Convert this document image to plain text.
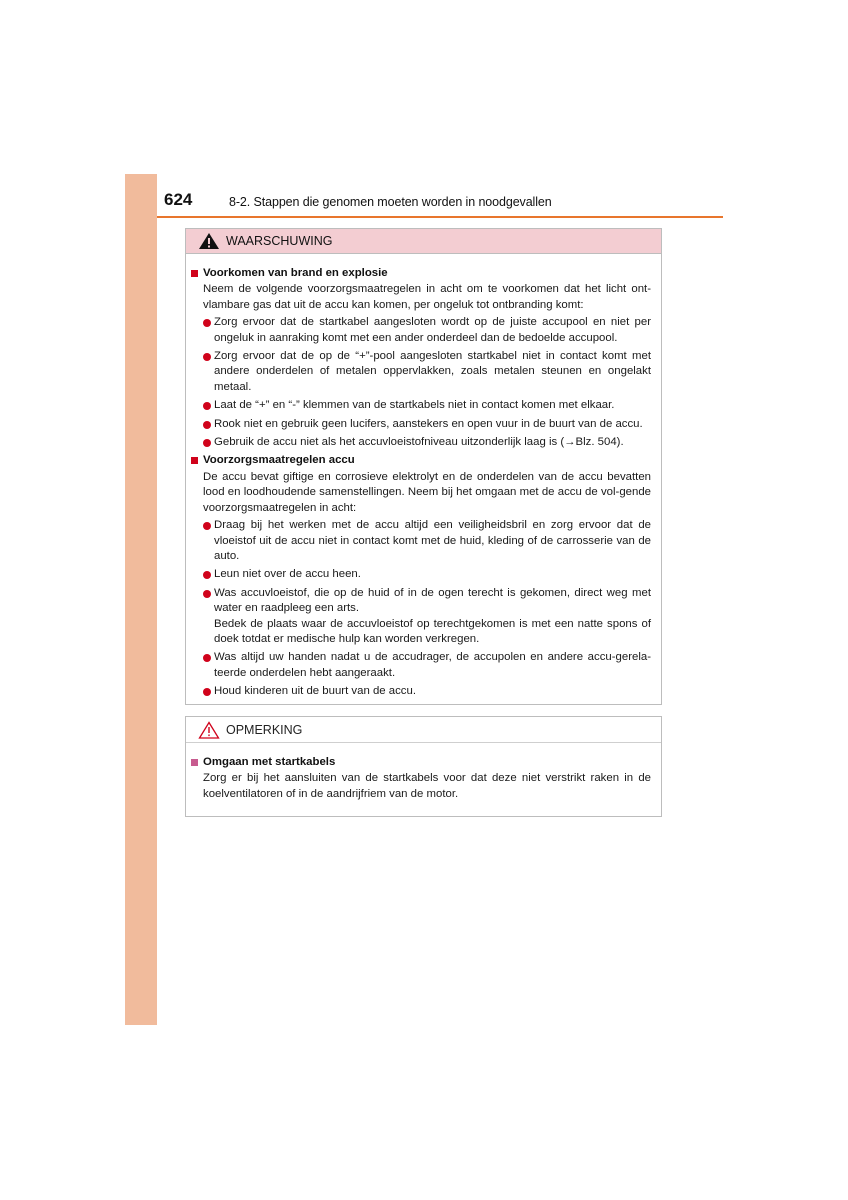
624	8-2. Stappen die genomen moeten worden in noodgevallen
WAARSCHUWING
Voorkomen van brand en explosie
Neem de volgende voorzorgsmaatregelen in acht om te voorkomen dat het licht ont-vlambare gas dat uit de accu kan komen, per ongeluk tot ontbranding komt:
Zorg ervoor dat de startkabel aangesloten wordt op de juiste accupool en niet per ongeluk in aanraking komt met een ander onderdeel dan de bedoelde accupool.
Zorg ervoor dat de op de “+”-pool aangesloten startkabel niet in contact komt met andere onderdelen of metalen oppervlakken, zoals metalen steunen en ongelakt metaal.
Laat de “+” en “-” klemmen van de startkabels niet in contact komen met elkaar.
Rook niet en gebruik geen lucifers, aanstekers en open vuur in de buurt van de accu.
Gebruik de accu niet als het accuvloeistofniveau uitzonderlijk laag is (→Blz. 504).
Voorzorgsmaatregelen accu
De accu bevat giftige en corrosieve elektrolyt en de onderdelen van de accu bevatten lood en loodhoudende samenstellingen. Neem bij het omgaan met de accu de vol-gende voorzorgsmaatregelen in acht:
Draag bij het werken met de accu altijd een veiligheidsbril en zorg ervoor dat de vloeistof uit de accu niet in contact komt met de huid, kleding of de carrosserie van de auto.
Leun niet over de accu heen.
Was accuvloeistof, die op de huid of in de ogen terecht is gekomen, direct weg met water en raadpleeg een arts.
Bedek de plaats waar de accuvloeistof op terechtgekomen is met een natte spons of doek totdat er medische hulp kan worden verkregen.
Was altijd uw handen nadat u de accudrager, de accupolen en andere accu-gerela-teerde onderdelen hebt aangeraakt.
Houd kinderen uit de buurt van de accu.
OPMERKING
Omgaan met startkabels
Zorg er bij het aansluiten van de startkabels voor dat deze niet verstrikt raken in de koelventilatoren of in de aandrijfriem van de motor.
